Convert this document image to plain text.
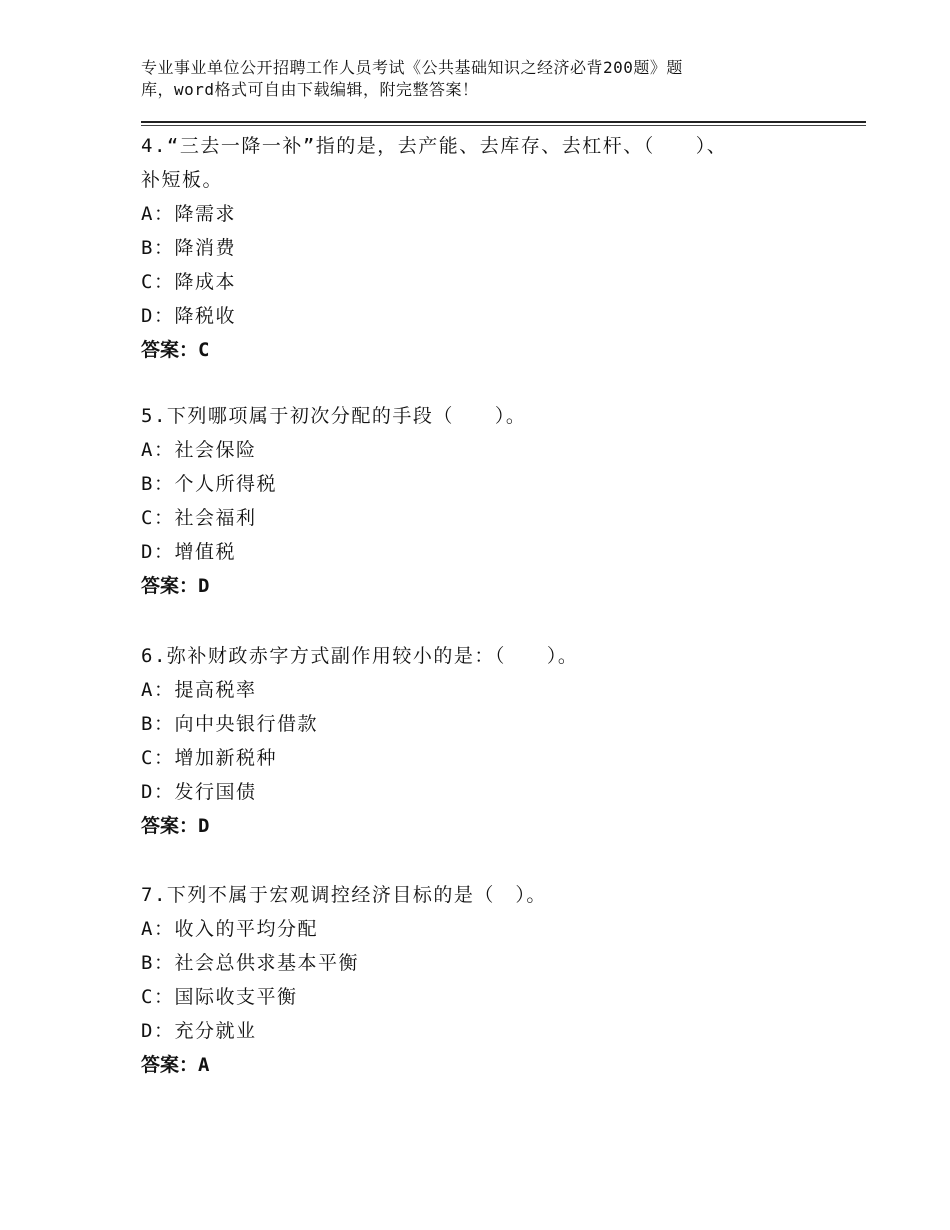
专业事业单位公开招聘工作人员考试《公共基础知识之经济必背200题》题
库，word格式可自由下载编辑，附完整答案！
4.“三去一降一补”指的是，去产能、去库存、去杠杆、（　　）、
补短板。
A：降需求
B：降消费
C：降成本
D：降税收
答案：C
5.下列哪项属于初次分配的手段（　　）。
A：社会保险
B：个人所得税
C：社会福利
D：增值税
答案：D
6.弥补财政赤字方式副作用较小的是：（　　）。
A：提高税率
B：向中央银行借款
C：增加新税种
D：发行国债
答案：D
7.下列不属于宏观调控经济目标的是（　）。
A：收入的平均分配
B：社会总供求基本平衡
C：国际收支平衡
D：充分就业
答案：A
